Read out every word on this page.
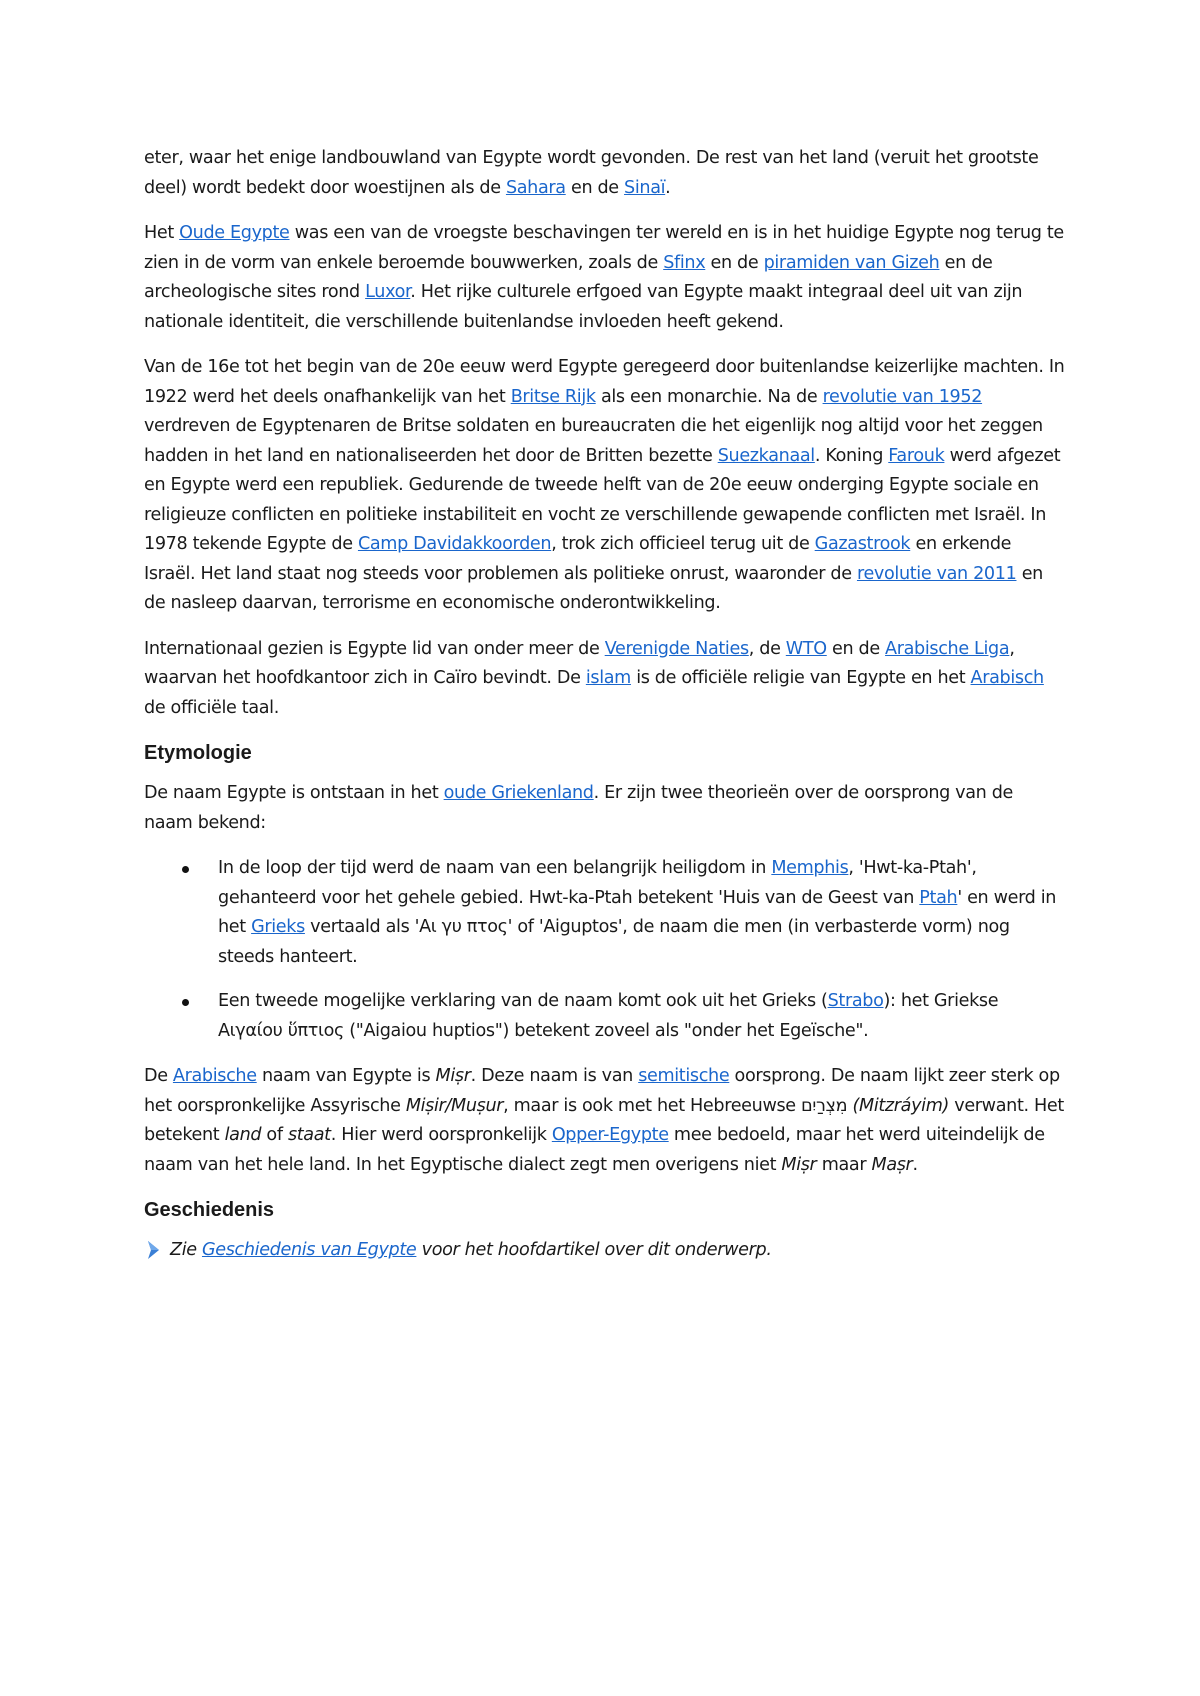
eter, waar het enige landbouwland van Egypte wordt gevonden. De rest van het land (veruit het grootste deel) wordt bedekt door woestijnen als de Sahara en de Sinaï.

Het Oude Egypte was een van de vroegste beschavingen ter wereld en is in het huidige Egypte nog terug te zien in de vorm van enkele beroemde bouwwerken, zoals de Sfinx en de piramiden van Gizeh en de archeologische sites rond Luxor. Het rijke culturele erfgoed van Egypte maakt integraal deel uit van zijn nationale identiteit, die verschillende buitenlandse invloeden heeft gekend.

Van de 16e tot het begin van de 20e eeuw werd Egypte geregeerd door buitenlandse keizerlijke machten. In 1922 werd het deels onafhankelijk van het Britse Rijk als een monarchie. Na de revolutie van 1952 verdreven de Egyptenaren de Britse soldaten en bureaucraten die het eigenlijk nog altijd voor het zeggen hadden in het land en nationaliseerden het door de Britten bezette Suezkanaal. Koning Farouk werd afgezet en Egypte werd een republiek. Gedurende de tweede helft van de 20e eeuw onderging Egypte sociale en religieuze conflicten en politieke instabiliteit en vocht ze verschillende gewapende conflicten met Israël. In 1978 tekende Egypte de Camp Davidakkoorden, trok zich officieel terug uit de Gazastrook en erkende Israël. Het land staat nog steeds voor problemen als politieke onrust, waaronder de revolutie van 2011 en de nasleep daarvan, terrorisme en economische onderontwikkeling.

Internationaal gezien is Egypte lid van onder meer de Verenigde Naties, de WTO en de Arabische Liga, waarvan het hoofdkantoor zich in Caïro bevindt. De islam is de officiële religie van Egypte en het Arabisch de officiële taal.

Etymologie

De naam Egypte is ontstaan in het oude Griekenland. Er zijn twee theorieën over de oorsprong van de naam bekend:

In de loop der tijd werd de naam van een belangrijk heiligdom in Memphis, 'Hwt-ka-Ptah', gehanteerd voor het gehele gebied. Hwt-ka-Ptah betekent 'Huis van de Geest van Ptah' en werd in het Grieks vertaald als 'Αι γυ πτος' of 'Aiguptos', de naam die men (in verbasterde vorm) nog steeds hanteert.
Een tweede mogelijke verklaring van de naam komt ook uit het Grieks (Strabo): het Griekse Αιγαίου ὕπτιος ("Aigaiou huptios") betekent zoveel als "onder het Egeïsche".

De Arabische naam van Egypte is Miṣr. Deze naam is van semitische oorsprong. De naam lijkt zeer sterk op het oorspronkelijke Assyrische Miṣir/Muṣur, maar is ook met het Hebreeuwse מִצְרַיִם (Mitzráyim) verwant. Het betekent land of staat. Hier werd oorspronkelijk Opper-Egypte mee bedoeld, maar het werd uiteindelijk de naam van het hele land. In het Egyptische dialect zegt men overigens niet Miṣr maar Maṣr.

Geschiedenis

Zie Geschiedenis van Egypte voor het hoofdartikel over dit onderwerp.
